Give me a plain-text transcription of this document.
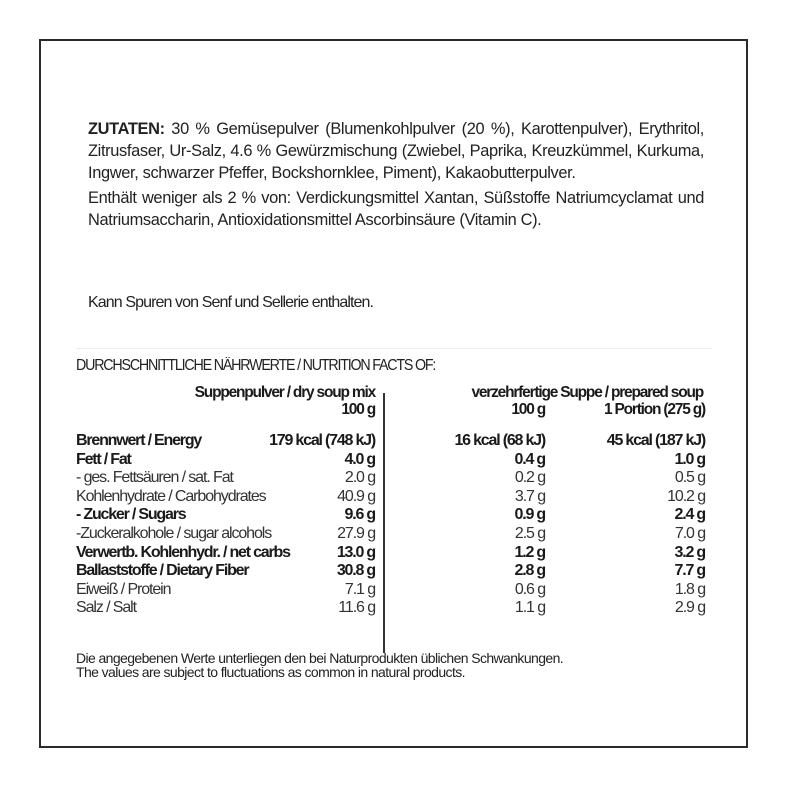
ZUTATEN: 30 % Gemüsepulver (Blumenkohlpulver (20 %), Karottenpulver), Erythritol, Zitrusfaser, Ur-Salz, 4.6 % Gewürzmischung (Zwiebel, Paprika, Kreuzkümmel, Kurkuma, Ingwer, schwarzer Pfeffer, Bockshornklee, Piment), Kakaobutterpulver.

Enthält weniger als 2 % von: Verdickungsmittel Xantan, Süßstoffe Natriumcyclamat und Natriumsaccharin, Antioxidationsmittel Ascorbinsäure (Vitamin C).

Kann Spuren von Senf und Sellerie enthalten.
DURCHSCHNITTLICHE NÄHRWERTE / NUTRITION FACTS OF:
Suppenpulver / dry soup mix
100 g
verzehrfertige Suppe / prepared soup
100 g	1 Portion (275 g)
Brennwert / Energy	179 kcal (748 kJ)	16 kcal (68 kJ)	45 kcal (187 kJ)
Fett / Fat	4.0 g	0.4 g	1.0 g
- ges. Fettsäuren / sat. Fat	2.0 g	0.2 g	0.5 g
Kohlenhydrate / Carbohydrates	40.9 g	3.7 g	10.2 g
- Zucker / Sugars	9.6 g	0.9 g	2.4 g
-Zuckeralkohole / sugar alcohols	27.9 g	2.5 g	7.0 g
Verwertb. Kohlenhydr. / net carbs	13.0 g	1.2 g	3.2 g
Ballaststoffe / Dietary Fiber	30.8 g	2.8 g	7.7 g
Eiweiß / Protein	7.1 g	0.6 g	1.8 g
Salz / Salt	11.6 g	1.1 g	2.9 g
Die angegebenen Werte unterliegen den bei Naturprodukten üblichen Schwankungen.
The values are subject to fluctuations as common in natural products.
